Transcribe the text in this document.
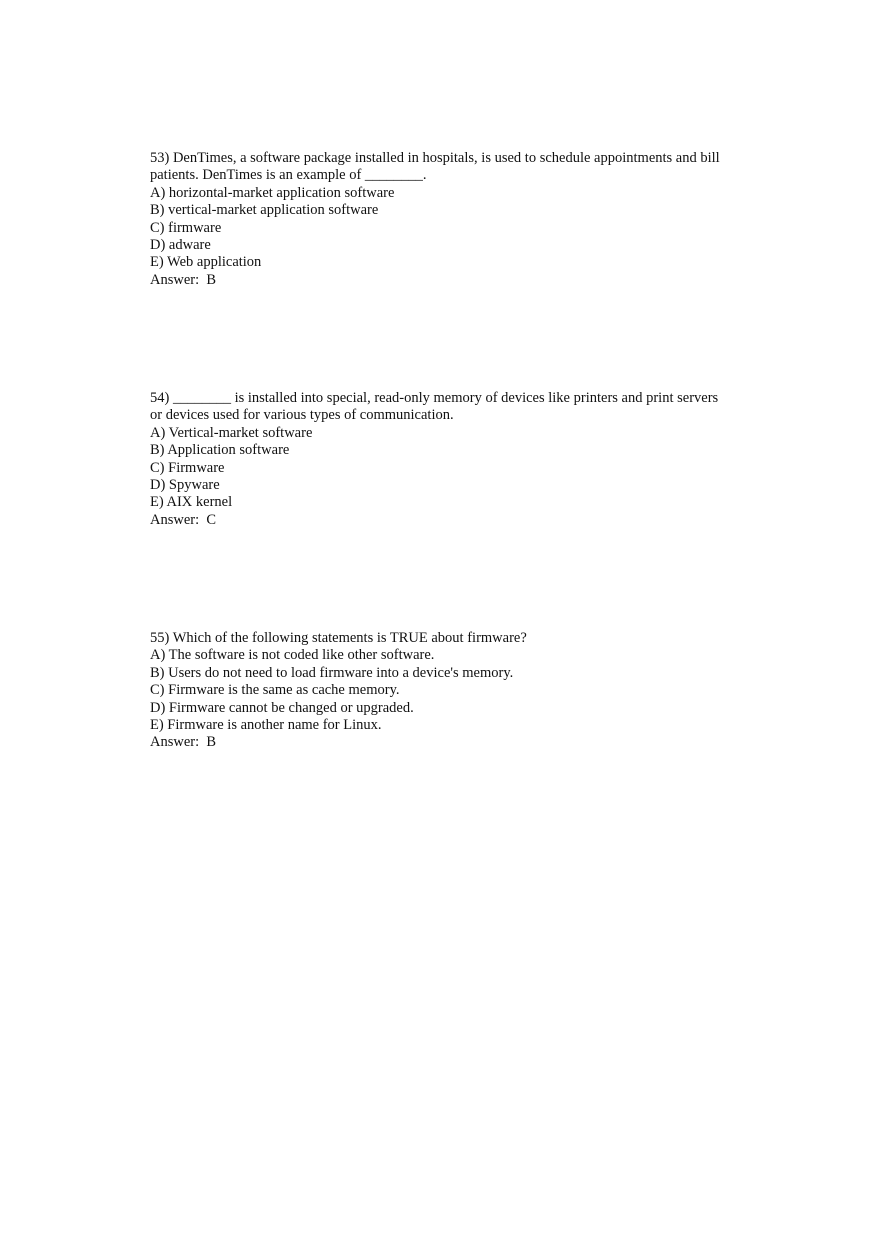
53) DenTimes, a software package installed in hospitals, is used to schedule appointments and bill patients. DenTimes is an example of ________.

A) horizontal-market application software

B) vertical-market application software

C) firmware

D) adware

E) Web application

Answer:  B

54) ________ is installed into special, read-only memory of devices like printers and print servers or devices used for various types of communication.

A) Vertical-market software

B) Application software

C) Firmware

D) Spyware

E) AIX kernel

Answer:  C

55) Which of the following statements is TRUE about firmware?

A) The software is not coded like other software.

B) Users do not need to load firmware into a device's memory.

C) Firmware is the same as cache memory.

D) Firmware cannot be changed or upgraded.

E) Firmware is another name for Linux.

Answer:  B
